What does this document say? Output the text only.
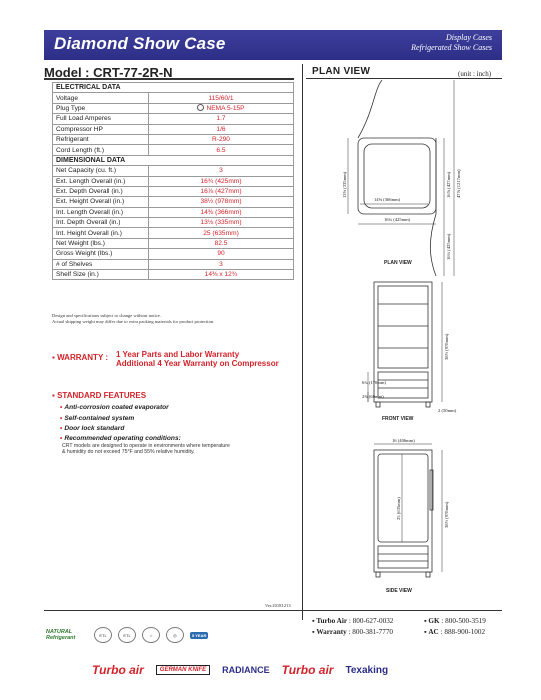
Diamond Show Case	Display Cases
Refrigerated Show Cases
Model : CRT-77-2R-N	PLAN VIEW	(unit : inch)
ELECTRICAL DATA	
Voltage	115/60/1
Plug Type	NEMA 5-15P
Full Load Amperes	1.7
Compressor HP	1/6
Refrigerant	R-290
Cord Length (ft.)	6.5
DIMENSIONAL DATA	
Net Capacity (cu. ft.)	3
Ext. Length Overall (in.)	16¾ (425mm)
Ext. Depth Overall (in.)	16⅞ (427mm)
Ext. Height Overall (in.)	38½ (978mm)
Int. Length Overall (in.)	14⅜ (366mm)
Int. Depth Overall (in.)	13⅛ (335mm)
Int. Height Overall (in.)	25 (635mm)
Net Weight (lbs.)	82.5
Gross Weight (lbs.)	90
# of Shelves	3
Shelf Size (in.)	14⅜ x 12¾
Design and specifications subject to change without notice.
Actual shipping weight may differ due to extra packing materials for product protection.
▪ WARRANTY : 1 Year Parts and Labor Warranty
Additional 4 Year Warranty on Compressor
▪ STANDARD FEATURES
• Anti-corrosion coated evaporator
• Self-contained system
• Door lock standard
• Recommended operating conditions:
CRT models are designed to operate in environments where temperature
& humidity do not exceed 75°F and 55% relative humidity.
14⅜ (366mm)
16¾ (425mm)
13⅛ (335mm)	16⅞ (427mm) 47⅞ (1217mm)
16¾ (425mm)
PLAN VIEW
38½ (978mm)
6¾ (170mm)
2⅜ (60mm)
2 (50mm)
FRONT VIEW
16 (406mm)
25 (635mm)	38½ (978mm)
SIDE VIEW
Ver.20181213
▪ Turbo Air : 800-627-0032	▪ GK : 800-500-3519
▪ Warranty : 800-381-7770	▪ AC : 888-900-1002
NATURAL
Refrigerant	ETL	ETL	☆	◎	5 YEAR
Turbo air	GERMAN KNIFE	RADIANCE Turbo air Texaking
